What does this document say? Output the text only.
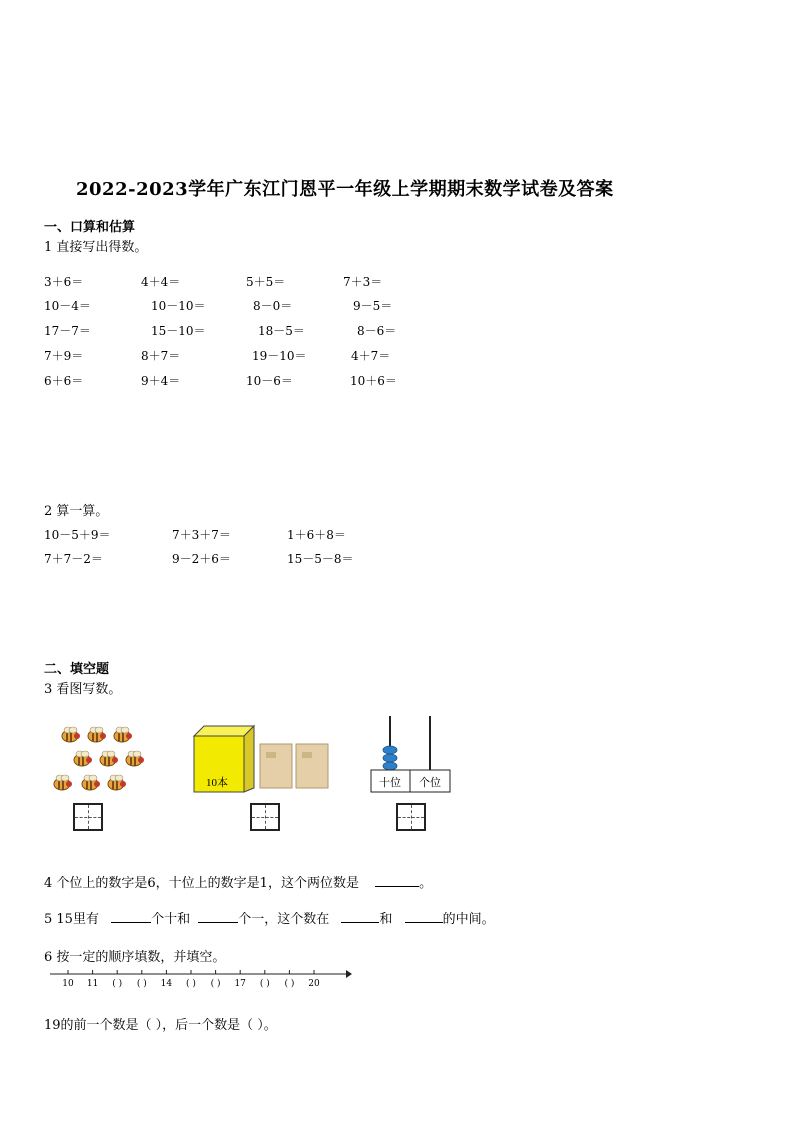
2022-2023学年广东江门恩平一年级上学期期末数学试卷及答案
一、口算和估算
1 直接写出得数。
3＋6＝	4＋4＝	5＋5＝	7＋3＝
10－4＝	10－10＝	8－0＝	9－5＝
17－7＝	15－10＝	18－5＝	8－6＝
7＋9＝	8＋7＝	19－10＝	4＋7＝
6＋6＝	9＋4＝	10－6＝	10＋6＝
2 算一算。
10－5＋9＝	7＋3＋7＝	1＋6＋8＝
7＋7－2＝	9－2＋6＝	15－5－8＝
二、填空题
3 看图写数。
10本	十位 个位
4 个位上的数字是6，十位上的数字是1，这个两位数是	。
5 15里有	个十和	个一，这个数在	和	的中间。
6 按一定的顺序填数，并填空。
10 11 ( ) ( ) 14 ( ) ( ) 17 ( ) ( ) 20
19的前一个数是（ ），后一个数是（ ）。
